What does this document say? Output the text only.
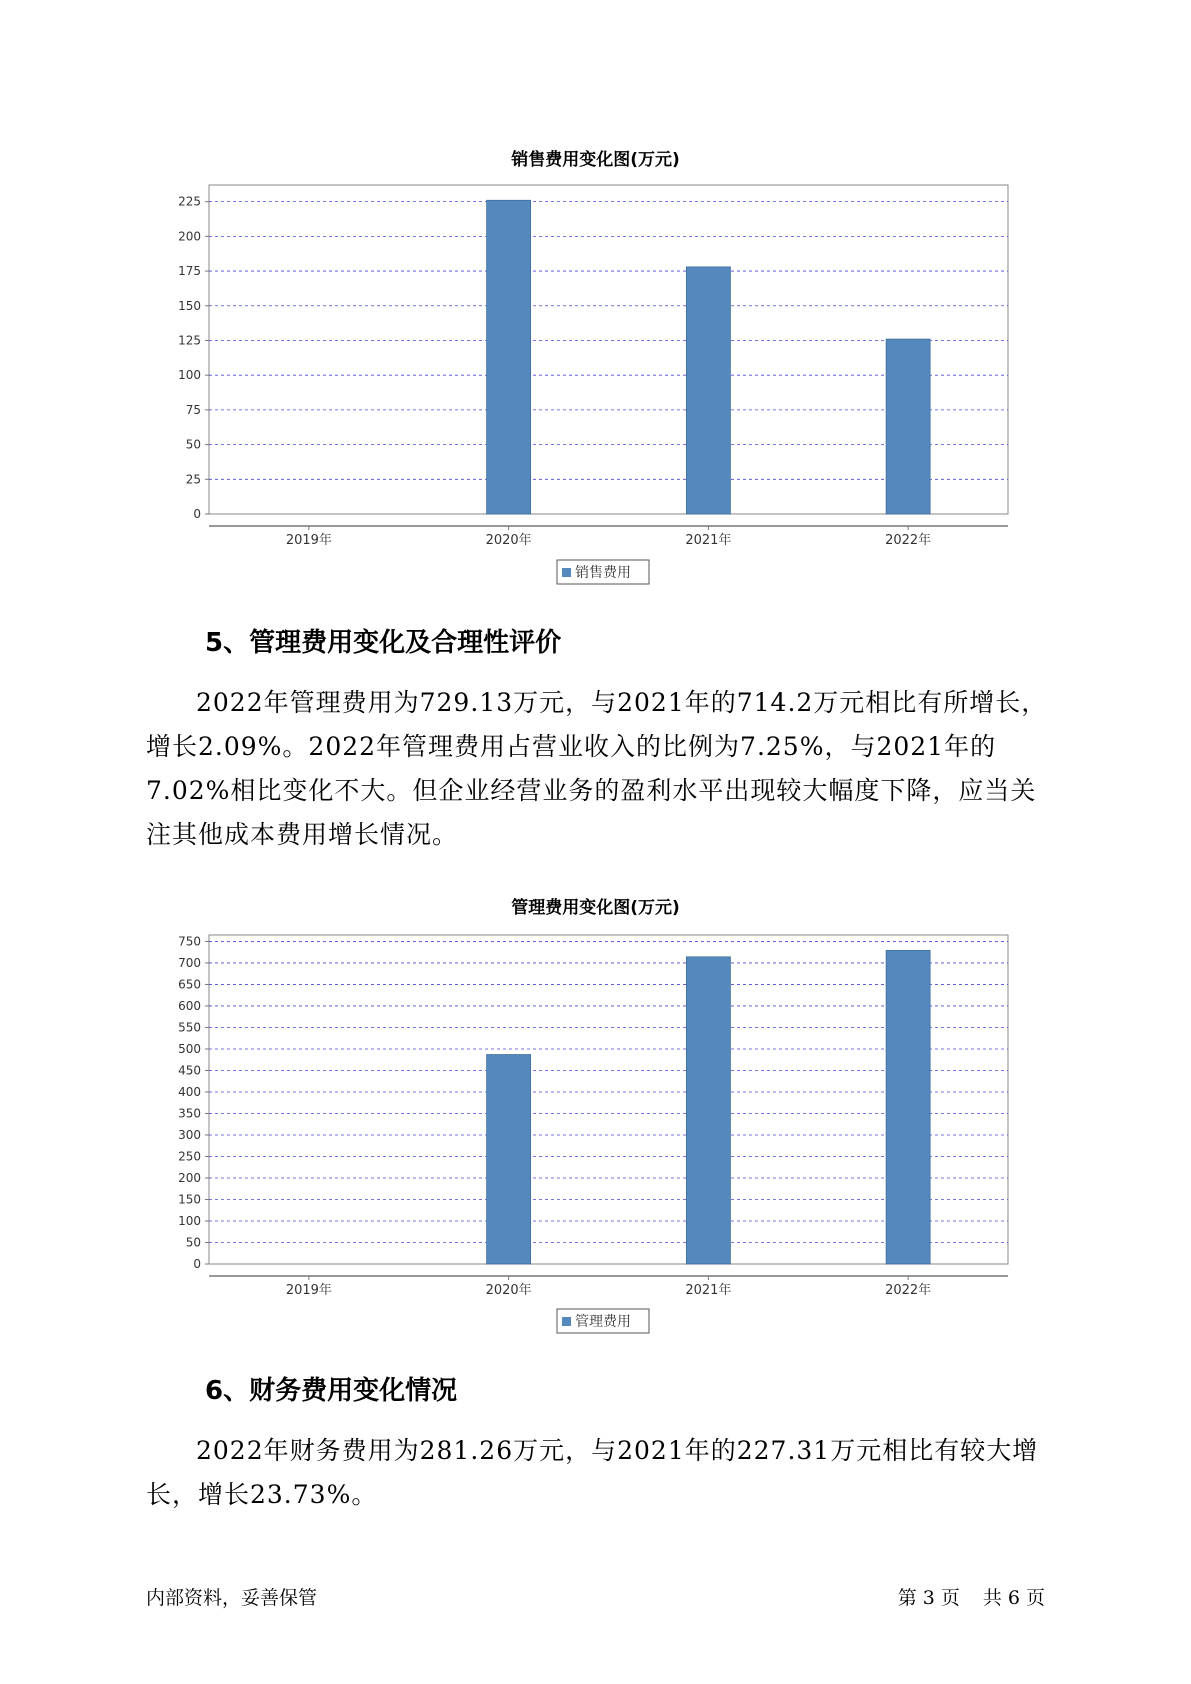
销售费用变化图(万元)
0
25
50
75
100
125
150
175
200
225
2019年	2020年	2021年	2022年
销售费用
5、管理费用变化及合理性评价

2022年管理费用为729.13万元，与2021年的714.2万元相比有所增长，增长2.09%。2022年管理费用占营业收入的比例为7.25%，与2021年的7.02%相比变化不大。但企业经营业务的盈利水平出现较大幅度下降，应当关注其他成本费用增长情况。

管理费用变化图(万元)
0
50
100
150
200
250
300
350
400
450
500
550
600
650
700
750
2019年	2020年	2021年	2022年
管理费用
6、财务费用变化情况

2022年财务费用为281.26万元，与2021年的227.31万元相比有较大增长，增长23.73%。

内部资料，妥善保管	第 3 页 共 6 页
